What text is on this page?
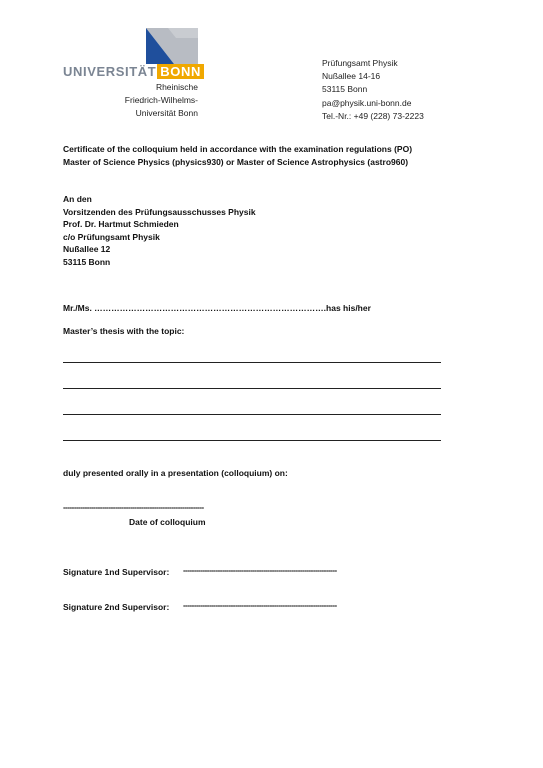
UNIVERSITÄT BONN
Rheinische
Friedrich-Wilhelms-
Universität Bonn
Prüfungsamt Physik
Nußallee 14-16
53115 Bonn
pa@physik.uni-bonn.de
Tel.-Nr.: +49 (228) 73-2223
Certificate of the colloquium held in accordance with the examination regulations (PO)
Master of Science Physics (physics930) or Master of Science Astrophysics (astro960)
An den
Vorsitzenden des Prüfungsausschusses Physik
Prof. Dr. Hartmut Schmieden
c/o Prüfungsamt Physik
Nußallee 12
53115 Bonn
Mr./Ms. ……………………………………………………………………….has his/her
Master’s thesis with the topic:
duly presented orally in a presentation (colloquium) on:
-----------------------------------------------------------------
Date of colloquium
Signature 1nd Supervisor: -----------------------------------------------------------------------
Signature 2nd Supervisor: -----------------------------------------------------------------------
